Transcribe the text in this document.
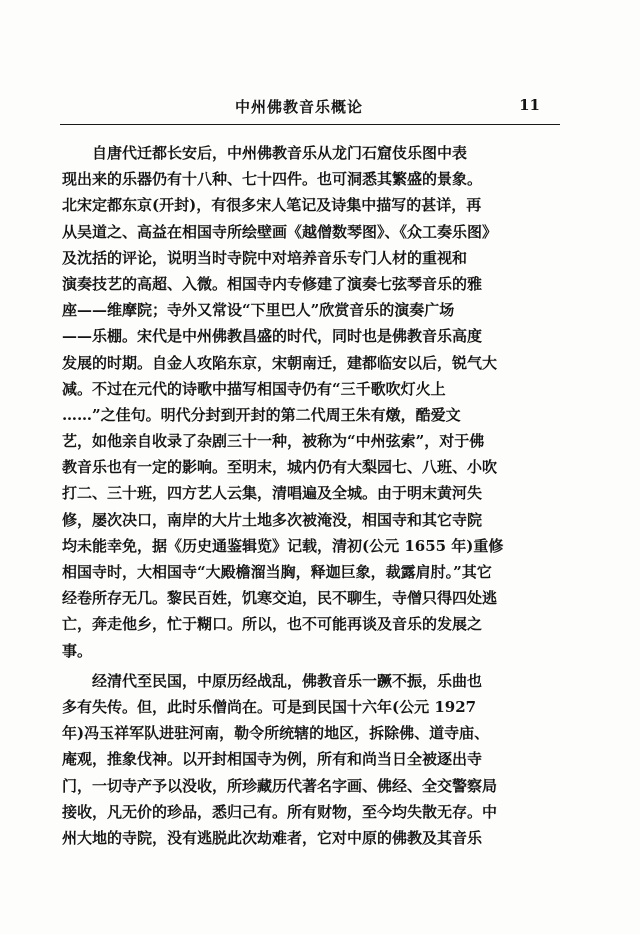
中州佛教音乐概论	11
自唐代迁都长安后，中州佛教音乐从龙门石窟伎乐图中表
现出来的乐器仍有十八种、七十四件。也可洞悉其繁盛的景象。
北宋定都东京(开封)，有很多宋人笔记及诗集中描写的甚详，再
从吴道之、高益在相国寺所绘壁画《越僧数琴图》、《众工奏乐图》
及沈括的评论，说明当时寺院中对培养音乐专门人材的重视和
演奏技艺的高超、入微。相国寺内专修建了演奏七弦琴音乐的雅
座——维摩院；寺外又常设“下里巴人”欣赏音乐的演奏广场
——乐棚。宋代是中州佛教昌盛的时代，同时也是佛教音乐高度
发展的时期。自金人攻陷东京，宋朝南迁，建都临安以后，锐气大
减。不过在元代的诗歌中描写相国寺仍有“三千歌吹灯火上
……”之佳句。明代分封到开封的第二代周王朱有燉，酷爱文
艺，如他亲自收录了杂剧三十一种，被称为“中州弦索”，对于佛
教音乐也有一定的影响。至明末，城内仍有大梨园七、八班、小吹
打二、三十班，四方艺人云集，清唱遍及全城。由于明末黄河失
修，屡次决口，南岸的大片土地多次被淹没，相国寺和其它寺院
均未能幸免，据《历史通鉴辑览》记载，清初(公元 1655 年)重修
相国寺时，大相国寺“大殿檐溜当胸，释迦巨象，裁露肩肘。”其它
经卷所存无几。黎民百姓，饥寒交迫，民不聊生，寺僧只得四处逃
亡，奔走他乡，忙于糊口。所以，也不可能再谈及音乐的发展之
事。
经清代至民国，中原历经战乱，佛教音乐一蹶不振，乐曲也
多有失传。但，此时乐僧尚在。可是到民国十六年(公元 1927
年)冯玉祥军队进驻河南，勒令所统辖的地区，拆除佛、道寺庙、
庵观，推象伐神。以开封相国寺为例，所有和尚当日全被逐出寺
门，一切寺产予以没收，所珍藏历代著名字画、佛经、全交警察局
接收，凡无价的珍品，悉归己有。所有财物，至今均失散无存。中
州大地的寺院，没有逃脱此次劫难者，它对中原的佛教及其音乐
